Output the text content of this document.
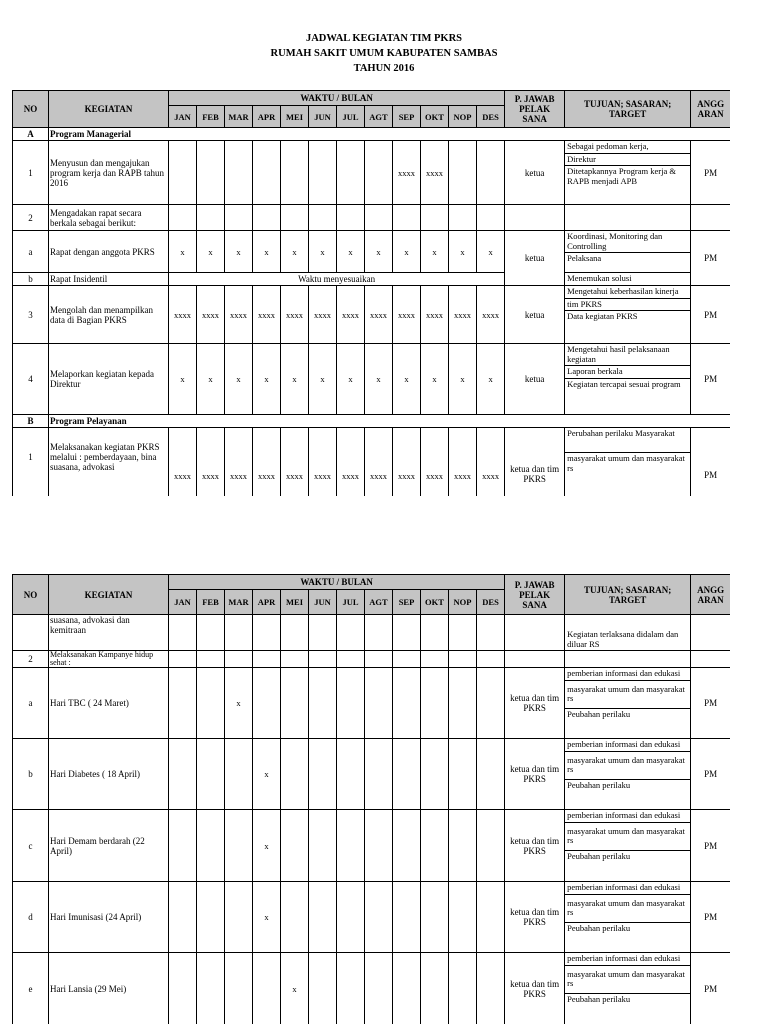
JADWAL KEGIATAN TIM PKRS
RUMAH SAKIT UMUM KABUPATEN SAMBAS
TAHUN 2016
NO	KEGIATAN	WAKTU / BULAN												P. JAWAB PELAK SANA	TUJUAN; SASARAN; TARGET	ANGG ARAN
		JAN	FEB	MAR	APR	MEI	JUN	JUL	AGT	SEP	OKT	NOP	DES			
A	Program Managerial															
1	Menyusun dan mengajukan program kerja dan RAPB tahun 2016									xxxx	xxxx			ketua	Sebagai pedoman kerja,
Direktur
Ditetapkannya Program kerja & RAPB menjadi APB	PM
2	Mengadakan rapat secara berkala sebagai berikut:															
a	Rapat dengan anggota PKRS	x	x	x	x	x	x	x	x	x	x	x	x	ketua	Koordinasi, Monitoring dan Controlling
Pelaksana	PM
b	Rapat Insidentil	Waktu menyesuaikan													Menemukan solusi	

3	Mengolah dan menampilkan data di Bagian PKRS	xxxx	xxxx	xxxx	xxxx	xxxx	xxxx	xxxx	xxxx	xxxx	xxxx	xxxx	xxxx	ketua	Mengetahui keberhasilan kinerja
tim PKRS
Data kegiatan PKRS	PM
4	Melaporkan kegiatan kepada Direktur	x	x	x	x	x	x	x	x	x	x	x	x	ketua	Mengetahui hasil pelaksanaan kegiatan
Laporan berkala
Kegiatan tercapai sesuai program	PM
B	Program Pelayanan															
1	Melaksanakan kegiatan PKRS melalui : pemberdayaan, bina suasana, advokasi	xxxx	xxxx	xxxx	xxxx	xxxx	xxxx	xxxx	xxxx	xxxx	xxxx	xxxx	xxxx	ketua dan tim PKRS	Perubahan perilaku Masyarakat
masyarakat umum dan masyarakat rs	PM
NO	KEGIATAN	WAKTU / BULAN												P. JAWAB PELAK SANA	TUJUAN; SASARAN; TARGET	ANGG ARAN
		JAN	FEB	MAR	APR	MEI	JUN	JUL	AGT	SEP	OKT	NOP	DES			
	suasana, advokasi dan kemitraan														Kegiatan terlaksana didalam dan diluar RS	

2	Melaksanakan Kampanye hidup sehat :															
a	Hari TBC ( 24 Maret)			x										ketua dan tim PKRS	pemberian informasi dan edukasi
masyarakat umum dan masyarakat rs
Peubahan perilaku	PM
b	Hari Diabetes ( 18 April)				x									ketua dan tim PKRS	pemberian informasi dan edukasi
masyarakat umum dan masyarakat rs
Peubahan perilaku	PM
c	Hari Demam berdarah (22 April)				x									ketua dan tim PKRS	pemberian informasi dan edukasi
masyarakat umum dan masyarakat rs
Peubahan perilaku	PM
d	Hari Imunisasi (24 April)				x									ketua dan tim PKRS	pemberian informasi dan edukasi
masyarakat umum dan masyarakat rs
Peubahan perilaku	PM
e	Hari Lansia (29 Mei)					x								ketua dan tim PKRS	pemberian informasi dan edukasi
masyarakat umum dan masyarakat rs
Peubahan perilaku	PM
